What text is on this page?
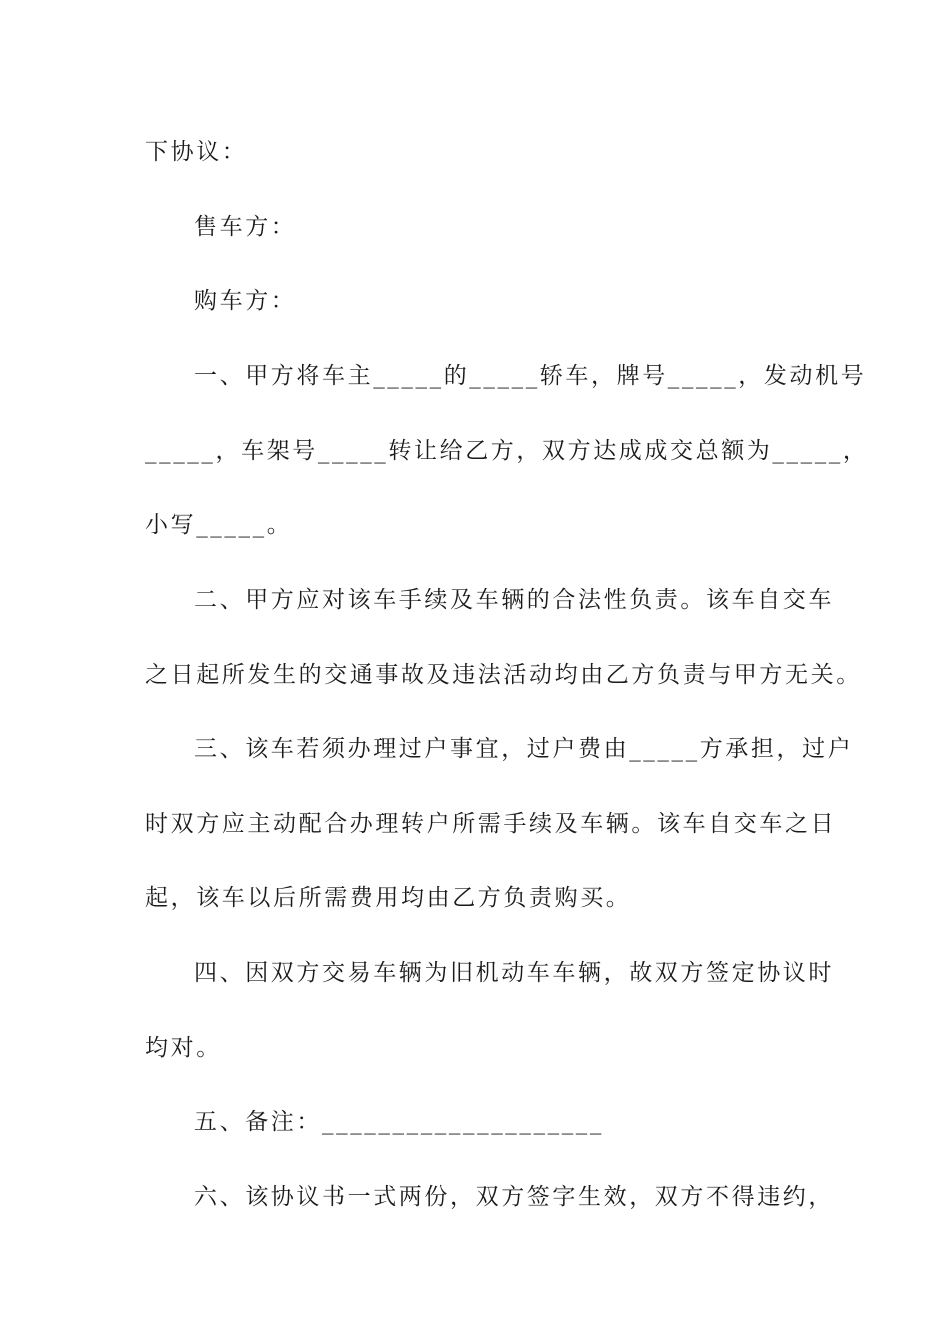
下协议：
售车方：
购车方：
一、甲方将车主_____的_____轿车，牌号_____，发动机号
_____，车架号_____转让给乙方，双方达成成交总额为_____，
小写_____。
二、甲方应对该车手续及车辆的合法性负责。该车自交车
之日起所发生的交通事故及违法活动均由乙方负责与甲方无关。
三、该车若须办理过户事宜，过户费由_____方承担，过户
时双方应主动配合办理转户所需手续及车辆。该车自交车之日
起，该车以后所需费用均由乙方负责购买。
四、因双方交易车辆为旧机动车车辆，故双方签定协议时
均对。
五、备注：____________________
六、该协议书一式两份，双方签字生效，双方不得违约，
